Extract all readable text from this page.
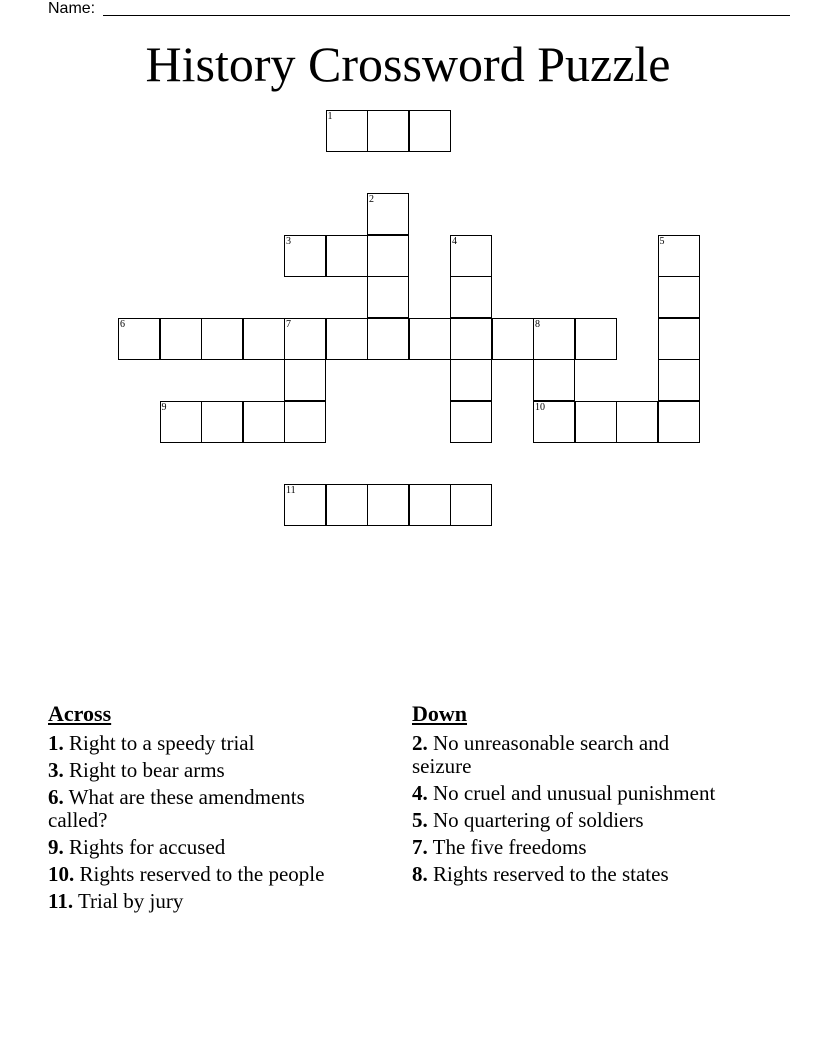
Name:
History Crossword Puzzle
1
2
3	4	5
6	7	8
10
9
11
Across
1. Right to a speedy trial
3. Right to bear arms
6. What are these amendments called?
9. Rights for accused
10. Rights reserved to the people
11. Trial by jury
Down
2. No unreasonable search and seizure
4. No cruel and unusual punishment
5. No quartering of soldiers
7. The five freedoms
8. Rights reserved to the states
